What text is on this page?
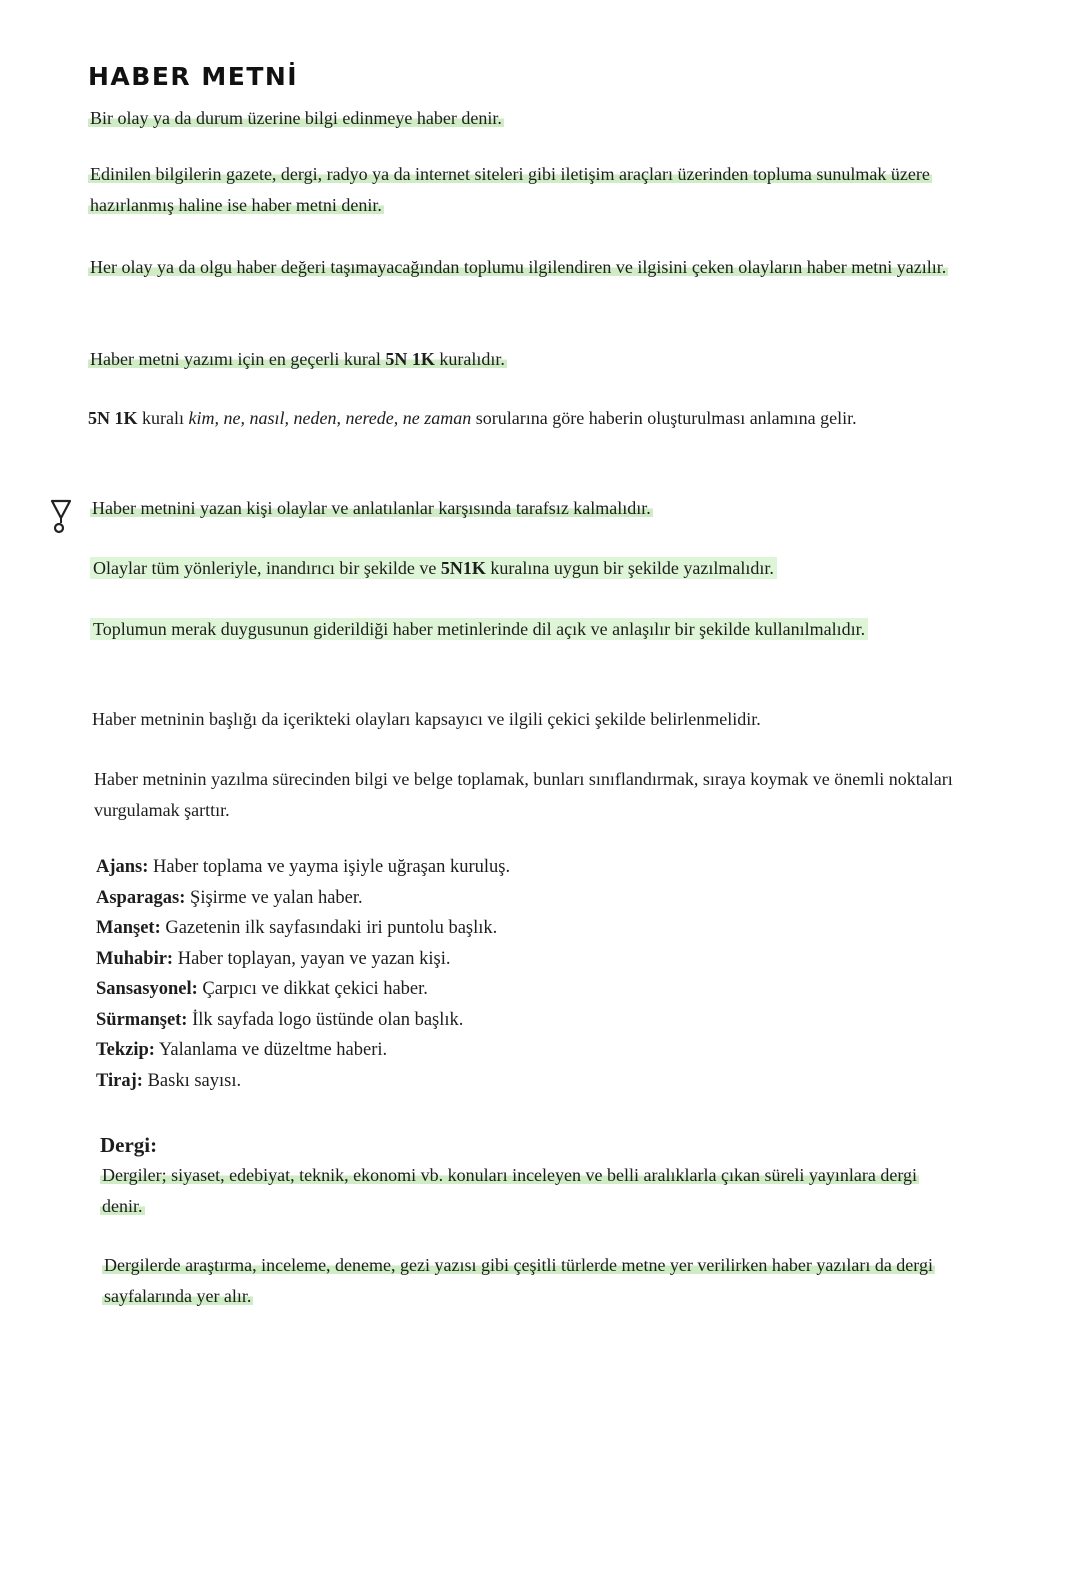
HABER METNİ

Bir olay ya da durum üzerine bilgi edinmeye haber denir.

Edinilen bilgilerin gazete, dergi, radyo ya da internet siteleri gibi iletişim araçları üzerinden topluma sunulmak üzere hazırlanmış haline ise haber metni denir.

Her olay ya da olgu haber değeri taşımayacağından toplumu ilgilendiren ve ilgisini çeken olayların haber metni yazılır.

Haber metni yazımı için en geçerli kural 5N 1K kuralıdır.

5N 1K kuralı kim, ne, nasıl, neden, nerede, ne zaman sorularına göre haberin oluşturulması anlamına gelir.

Haber metnini yazan kişi olaylar ve anlatılanlar karşısında tarafsız kalmalıdır.

Olaylar tüm yönleriyle, inandırıcı bir şekilde ve 5N1K kuralına uygun bir şekilde yazılmalıdır.

Toplumun merak duygusunun giderildiği haber metinlerinde dil açık ve anlaşılır bir şekilde kullanılmalıdır.

Haber metninin başlığı da içerikteki olayları kapsayıcı ve ilgili çekici şekilde belirlenmelidir.

Haber metninin yazılma sürecinden bilgi ve belge toplamak, bunları sınıflandırmak, sıraya koymak ve önemli noktaları vurgulamak şarttır.

Ajans: Haber toplama ve yayma işiyle uğraşan kuruluş.
Asparagas: Şişirme ve yalan haber.
Manşet: Gazetenin ilk sayfasındaki iri puntolu başlık.
Muhabir: Haber toplayan, yayan ve yazan kişi.
Sansasyonel: Çarpıcı ve dikkat çekici haber.
Sürmanşet: İlk sayfada logo üstünde olan başlık.
Tekzip: Yalanlama ve düzeltme haberi.
Tiraj: Baskı sayısı.
Dergi:

Dergiler; siyaset, edebiyat, teknik, ekonomi vb. konuları inceleyen ve belli aralıklarla çıkan süreli yayınlara dergi denir.

Dergilerde araştırma, inceleme, deneme, gezi yazısı gibi çeşitli türlerde metne yer verilirken haber yazıları da dergi sayfalarında yer alır.
